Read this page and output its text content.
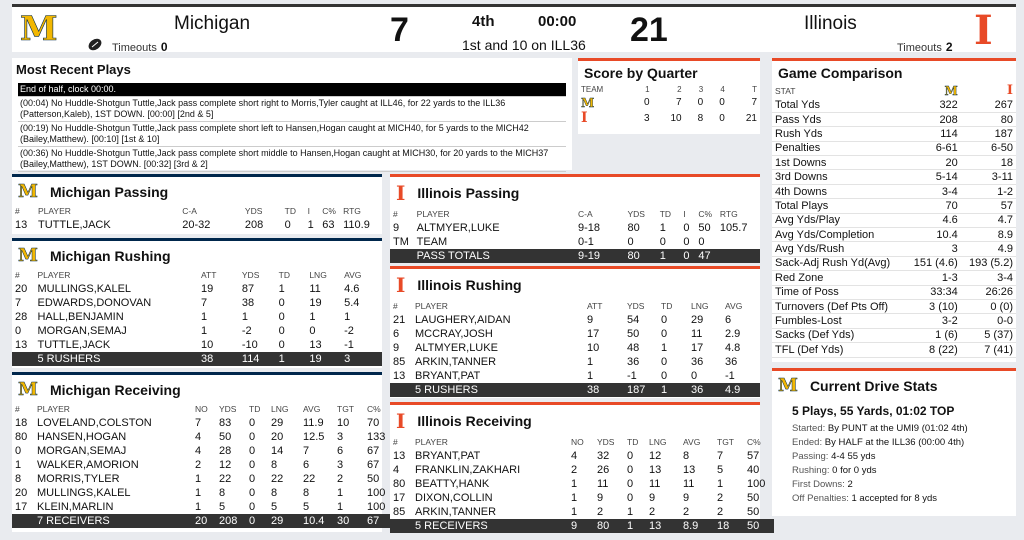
M	Michigan
Timeouts 0	7	4th	00:00
1st and 10 on ILL36 21	Illinois
Timeouts 2 I
Most Recent Plays
End of half, clock 00:00.
(00:04) No Huddle-Shotgun Tuttle,Jack pass complete short right to Morris,Tyler caught at ILL46, for 22 yards to the ILL36 (Patterson,Kaleb), 1ST DOWN. [00:00] [2nd & 5]
(00:19) No Huddle-Shotgun Tuttle,Jack pass complete short left to Hansen,Hogan caught at MICH40, for 5 yards to the MICH42 (Bailey,Matthew). [00:10] [1st & 10]
(00:36) No Huddle-Shotgun Tuttle,Jack pass complete short middle to Hansen,Hogan caught at MICH30, for 20 yards to the MICH37 (Bailey,Matthew), 1ST DOWN. [00:32] [3rd & 2]
Score by Quarter
TEAM	1	2	3	4	T
M	0	7	0	0	7
I	3	10	8	0	21
Game Comparison
STAT	M	I
Total Yds	322	267
Pass Yds	208	80
Rush Yds	114	187
Penalties	6-61	6-50
1st Downs	20	18
3rd Downs	5-14	3-11
4th Downs	3-4	1-2
Total Plays	70	57
Avg Yds/Play	4.6	4.7
Avg Yds/Completion	10.4	8.9
Avg Yds/Rush	3	4.9
Sack-Adj Rush Yd(Avg)	151 (4.6)	193 (5.2)
Red Zone	1-3	3-4
Time of Poss	33:34	26:26
Turnovers (Def Pts Off)	3 (10)	0 (0)
Fumbles-Lost	3-2	0-0
Sacks (Def Yds)	1 (6)	5 (37)
TFL (Def Yds)	8 (22)	7 (41)
M Current Drive Stats
5 Plays, 55 Yards, 01:02 TOP
Started: By PUNT at the UMI9 (01:02 4th)
Ended: By HALF at the ILL36 (00:00 4th)
Passing: 4-4 55 yds
Rushing: 0 for 0 yds
First Downs: 2
Off Penalties: 1 accepted for 8 yds
M Michigan Passing
#	PLAYER	C-A	YDS	TD	I	C%	RTG
13	TUTTLE,JACK	20-32	208	0	1	63	110.9
M Michigan Rushing
#	PLAYER	ATT	YDS	TD	LNG	AVG
20	MULLINGS,KALEL	19	87	1	11	4.6
7	EDWARDS,DONOVAN	7	38	0	19	5.4
28	HALL,BENJAMIN	1	1	0	1	1
0	MORGAN,SEMAJ	1	-2	0	0	-2
13	TUTTLE,JACK	10	-10	0	13	-1
	5 RUSHERS	38	114	1	19	3
M Michigan Receiving
#	PLAYER	NO	YDS	TD	LNG	AVG	TGT	C%
18	LOVELAND,COLSTON	7	83	0	29	11.9	10	70
80	HANSEN,HOGAN	4	50	0	20	12.5	3	133
0	MORGAN,SEMAJ	4	28	0	14	7	6	67
1	WALKER,AMORION	2	12	0	8	6	3	67
8	MORRIS,TYLER	1	22	0	22	22	2	50
20	MULLINGS,KALEL	1	8	0	8	8	1	100
17	KLEIN,MARLIN	1	5	0	5	5	1	100
	7 RECEIVERS	20	208	0	29	10.4	30	67
I Illinois Passing
#	PLAYER	C-A	YDS	TD	I	C%	RTG
9	ALTMYER,LUKE	9-18	80	1	0	50	105.7
TM	TEAM	0-1	0	0	0	0	
	PASS TOTALS	9-19	80	1	0	47	
I Illinois Rushing
#	PLAYER	ATT	YDS	TD	LNG	AVG
21	LAUGHERY,AIDAN	9	54	0	29	6
6	MCCRAY,JOSH	17	50	0	11	2.9
9	ALTMYER,LUKE	10	48	1	17	4.8
85	ARKIN,TANNER	1	36	0	36	36
13	BRYANT,PAT	1	-1	0	0	-1
	5 RUSHERS	38	187	1	36	4.9
I Illinois Receiving
#	PLAYER	NO	YDS	TD	LNG	AVG	TGT	C%
13	BRYANT,PAT	4	32	0	12	8	7	57
4	FRANKLIN,ZAKHARI	2	26	0	13	13	5	40
80	BEATTY,HANK	1	11	0	11	11	1	100
17	DIXON,COLLIN	1	9	0	9	9	2	50
85	ARKIN,TANNER	1	2	1	2	2	2	50
	5 RECEIVERS	9	80	1	13	8.9	18	50
